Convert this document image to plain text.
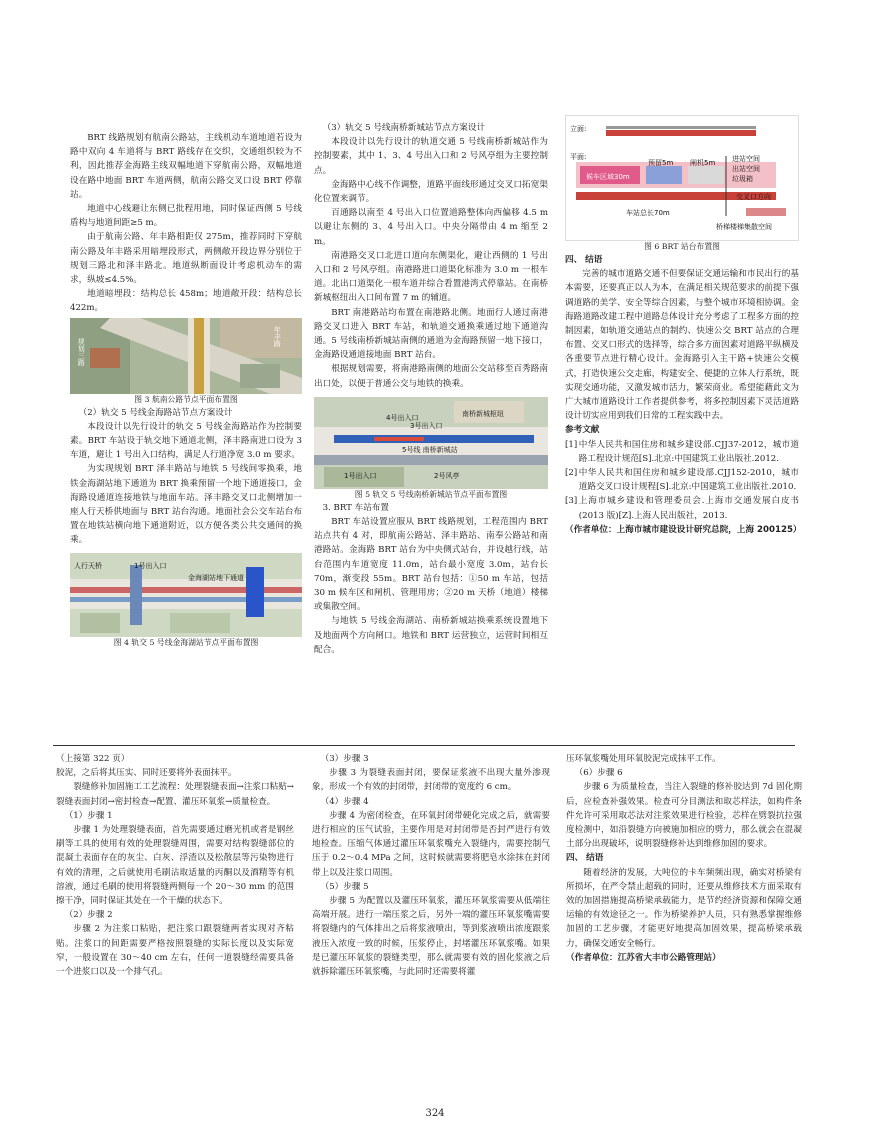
BRT 线路规划有航南公路站，主线机动车道地道若设为路中双向 4 车道将与 BRT 路线存在交织，交通组织较为不利，因此推荐金海路主线双幅地道下穿航南公路，双幅地道设在路中地面 BRT 车道两侧，航南公路交叉口设 BRT 停靠站。

地道中心线避让东侧已批程用地，同时保证西侧 5 号线盾构与地道间距≥5 m。

由于航南公路、年丰路相距仅 275m，推荐同时下穿航南公路及年丰路采用暗埋段形式，两侧敞开段边界分别位于规划三路北和泽丰路北。地道纵断面设计考虑机动车的需求，纵坡≤4.5%。

地道暗埋段：结构总长 458m；地道敞开段：结构总长 422m。

规划三路
年丰路

图 3 航南公路节点平面布置图

（2）轨交 5 号线金海路站节点方案设计

本段设计以先行设计的轨交 5 号线金海路站作为控制要素。BRT 车站设于轨交地下通道北侧，泽丰路南进口设为 3 车道，避让 1 号出入口结构，满足人行道净宽 3.0 m 要求。

为实现规划 BRT 泽丰路站与地铁 5 号线间零换乘，地铁金海湖站地下通道为 BRT 换乘预留一个地下通道接口，金海路设通道连接地铁与地面车站。泽丰路交叉口北侧增加一座人行天桥供地面与 BRT 站台沟通。地面社会公交车站台布置在地铁站横向地下通道附近，以方便各类公共交通间的换乘。

人行天桥	1号出入口
金海湖站地下通道

图 4 轨交 5 号线金海湖站节点平面布置图

（3）轨交 5 号线南桥新城站节点方案设计

本段设计以先行设计的轨道交通 5 号线南桥新城站作为控制要素，其中 1、3、4 号出入口和 2 号风亭组为主要控制点。

金海路中心线不作调整，道路平面线形通过交叉口拓宽渠化位置来调节。

百通路以南至 4 号出入口位置道路整体向西偏移 4.5 m 以避让东侧的 3、4 号出入口。中央分隔带由 4 m 缩至 2 m。

南港路交叉口北进口道向东侧渠化，避让西侧的 1 号出入口和 2 号风亭组。南港路进口道渠化标准为 3.0 m 一根车道。北出口道渠化一根车道并综合看置港湾式停靠站。在南桥新城枢纽出入口间布置 7 m 的辅道。

BRT 南港路站均布置在南港路北侧。地面行人通过南港路交叉口进入 BRT 车站，和轨道交通换乘通过地下通道沟通。5 号线南桥新城站南侧的通道为金海路预留一地下接口，金海路设通道接地面 BRT 站台。

根据规划需要，将南港路南侧的地面公交站移至百秀路南出口处，以便于普通公交与地铁的换乘。

南桥新城枢纽
4号出入口
3号出入口
5号线 南桥新城站
1号出入口	2号风亭

图 5 轨交 5 号线南桥新城站节点平面布置图

3. BRT 车站布置

BRT 车站设置应服从 BRT 线路规划，工程范围内 BRT 站点共有 4 对，即航南公路站、泽丰路站、南奉公路站和南港路站。金海路 BRT 站台为中央侧式站台，并设越行线，站台范围内车道宽度 11.0m，站台最小宽度 3.0m，站台长 70m，渐变段 55m。BRT 站台包括：①50 m 车站，包括 30 m 候车区和闸机、管理用房；②20 m 天桥（地道）楼梯或集散空间。

与地铁 5 号线金海湖站、南桥新城站换乘系统设置地下及地面两个方向闸口。地铁和 BRT 运营独立，运营时间相互配合。

立面:
平面:
候车区域30m
预留5m 闸机5m 进站空间
出站空间
垃圾箱
交叉口方向
车站总长70m
桥梯楼梯集散空间

图 6 BRT 站台布置图

四、 结语

完善的城市道路交通不但要保证交通运输和市民出行的基本需要，还要真正以人为本，在满足相关规范要求的前提下强调道路的美学、安全等综合因素，与整个城市环境相协调。金海路道路改建工程中道路总体设计充分考虑了工程多方面的控制因素，如轨道交通站点的制约、快速公交 BRT 站点的合理布置、交叉口形式的选择等，综合多方面因素对道路平纵横及各重要节点进行精心设计。金海路引入主干路+快速公交模式，打造快速公交走廊，构建安全、便捷的立体人行系统，既实现交通功能，又激发城市活力，繁荣商业。希望能藉此文为广大城市道路设计工作者提供参考，将多控制因素下灵活道路设计切实应用到我们日常的工程实践中去。

参考文献

[1] 中华人民共和国住房和城乡建设部.CJJ37-2012，城市道路工程设计规范[S].北京:中国建筑工业出版社.2012.

[2] 中华人民共和国住房和城乡建设部.CJJ152-2010，城市道路交叉口设计规程[S].北京:中国建筑工业出版社.2010.

[3] 上海市城乡建设和管理委员会.上海市交通发展白皮书(2013 版)[Z].上海人民出版社，2013.

（作者单位：上海市城市建设设计研究总院，上海 200125）

（上接第 322 页）

胶泥，之后将其压实、同时还要将外表面抹平。

裂缝修补加固施工工艺流程：处理裂缝表面→注浆口粘贴→裂缝表面封闭→密封检查→配置、灌压环氧浆→质量检查。

（1）步骤 1

步骤 1 为处理裂缝表面，首先需要通过磨光机或者是钢丝刷等工具的使用有效的处理裂缝周围，需要对结构裂缝部位的混凝土表面存在的灰尘、白灰、浮渣以及松散层等污染物进行有效的清理，之后就使用毛刷沾取适量的丙酮以及酒精等有机溶液，通过毛刷的使用将裂缝两侧每一个 20～30 mm 的范围擦干净，同时保证其处在一个干燥的状态下。

（2）步骤 2

步骤 2 为注浆口粘贴，把注浆口跟裂缝两者实现对齐粘贴。注浆口的间距需要严格按照裂缝的实际长度以及实际宽窄，一般设置在 30～40 cm 左右，任何一道裂缝经需要具备一个进浆口以及一个排气孔。

（3）步骤 3

步骤 3 为裂缝表面封闭，要保证浆液不出现大量外渗现象，形成一个有效的封闭带，封闭带的宽度约 6 cm。

（4）步骤 4

步骤 4 为密闭检查，在环氧封闭带硬化完成之后，就需要进行相应的压气试验，主要作用是对封闭带是否封严进行有效地检查。压缩气体通过灌压环氧浆嘴充入裂缝内，需要控制气压于 0.2～0.4 MPa 之间，这时候就需要将肥皂水涂抹在封闭带上以及注浆口周围。

（5）步骤 5

步骤 5 为配置以及灌压环氧浆，灌压环氧浆需要从低端往高端开展。进行一端压浆之后，另外一端的灌压环氧浆嘴需要将裂缝内的气体排出之后将浆液喷出，等到浆液喷出浓度跟浆液压入浓度一致的时候，压浆停止，封堵灌压环氧浆嘴。如果是已灌压环氧浆的裂缝类型，那么就需要有效的固化浆液之后就拆除灌压环氧浆嘴，与此同时还需要将灌

压环氧浆嘴处用环氧胶泥完成抹平工作。

（6）步骤 6

步骤 6 为质量检查，当注入裂缝的修补胶达到 7d 固化期后，应检查补强效果。检查可分目测法和取芯样法，如构件条件允许可采用取芯法对注浆效果进行检验，芯样在劈裂抗拉强度检测中，如沿裂缝方向被施加相应的劈力，那么就会在混凝土部分出现破坏，说明裂缝修补达到维修加固的要求。

四、 结语

随着经济的发展，大吨位的卡车频频出现，确实对桥梁有所损坏，在严令禁止超载的同时，还要从维修技术方面采取有效的加固措施提高桥梁承载能力，是节约经济资源和保障交通运输的有效途径之一。作为桥梁养护人员，只有熟悉掌握维修加固的工艺步骤，才能更好地提高加固效果，提高桥梁承载力，确保交通安全畅行。

（作者单位：江苏省大丰市公路管理站）

324
